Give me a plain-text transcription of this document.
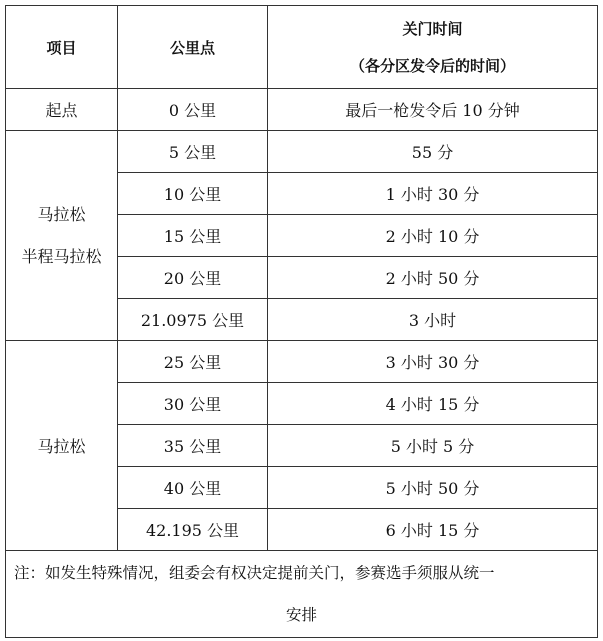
项目	公里点	关门时间
（各分区发令后的时间）

起点	0 公里	最后一枪发令后 10 分钟

马拉松
半程马拉松	5 公里	55 分
	10 公里	1 小时 30 分
	15 公里	2 小时 10 分
	20 公里	2 小时 50 分
	21.0975 公里	3 小时
马拉松	25 公里	3 小时 30 分
	30 公里	4 小时 15 分
	35 公里	5 小时 5 分
	40 公里	5 小时 50 分
	42.195 公里	6 小时 15 分

注：如发生特殊情况，组委会有权决定提前关门，参赛选手须服从统一
安排		
